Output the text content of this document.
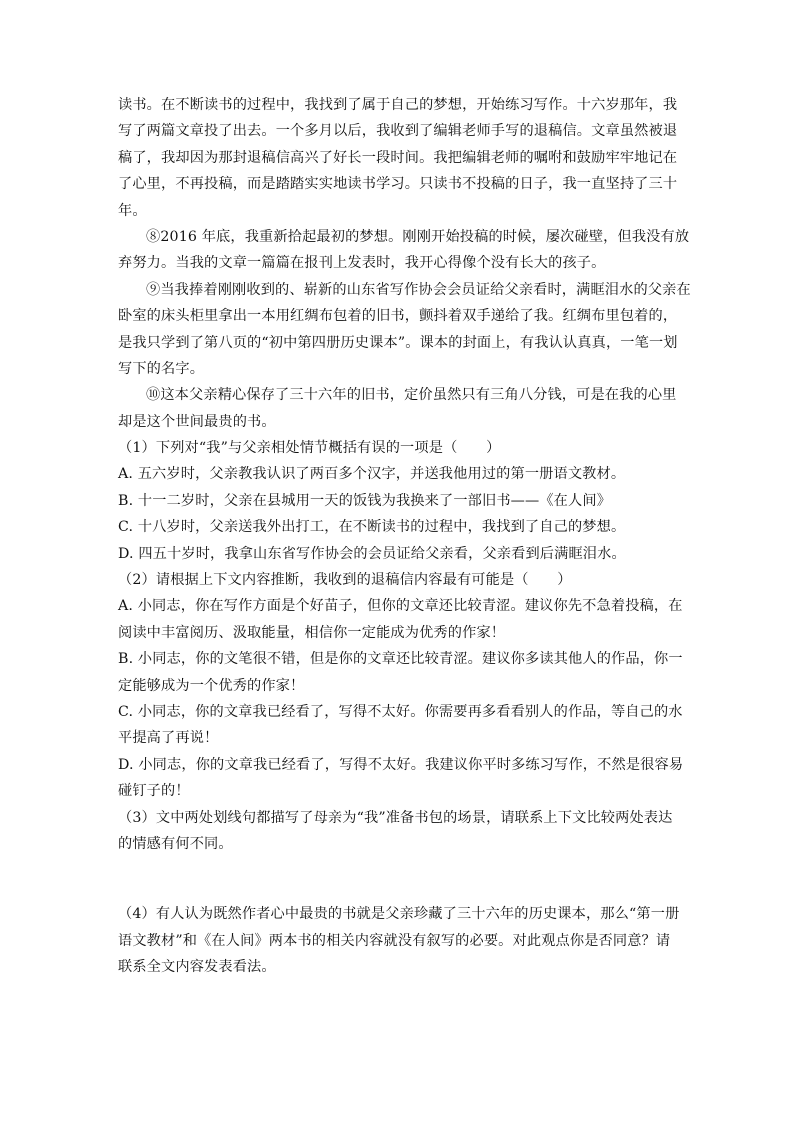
读书。在不断读书的过程中，我找到了属于自己的梦想，开始练习写作。十六岁那年，我
写了两篇文章投了出去。一个多月以后，我收到了编辑老师手写的退稿信。文章虽然被退
稿了，我却因为那封退稿信高兴了好长一段时间。我把编辑老师的嘱咐和鼓励牢牢地记在
了心里，不再投稿，而是踏踏实实地读书学习。只读书不投稿的日子，我一直坚持了三十
年。
⑧2016 年底，我重新拾起最初的梦想。刚刚开始投稿的时候，屡次碰壁，但我没有放
弃努力。当我的文章一篇篇在报刊上发表时，我开心得像个没有长大的孩子。
⑨当我捧着刚刚收到的、崭新的山东省写作协会会员证给父亲看时，满眶泪水的父亲在
卧室的床头柜里拿出一本用红绸布包着的旧书，颤抖着双手递给了我。红绸布里包着的，
是我只学到了第八页的“初中第四册历史课本”。课本的封面上，有我认认真真，一笔一划
写下的名字。
⑩这本父亲精心保存了三十六年的旧书，定价虽然只有三角八分钱，可是在我的心里
却是这个世间最贵的书。
（1）下列对“我”与父亲相处情节概括有误的一项是（　　）
A. 五六岁时，父亲教我认识了两百多个汉字，并送我他用过的第一册语文教材。
B. 十一二岁时，父亲在县城用一天的饭钱为我换来了一部旧书——《在人间》
C. 十八岁时，父亲送我外出打工，在不断读书的过程中，我找到了自己的梦想。
D. 四五十岁时，我拿山东省写作协会的会员证给父亲看，父亲看到后满眶泪水。
（2）请根据上下文内容推断，我收到的退稿信内容最有可能是（　　）
A. 小同志，你在写作方面是个好苗子，但你的文章还比较青涩。建议你先不急着投稿，在
阅读中丰富阅历、汲取能量，相信你一定能成为优秀的作家！
B. 小同志，你的文笔很不错，但是你的文章还比较青涩。建议你多读其他人的作品，你一
定能够成为一个优秀的作家！
C. 小同志，你的文章我已经看了，写得不太好。你需要再多看看别人的作品，等自己的水
平提高了再说！
D. 小同志，你的文章我已经看了，写得不太好。我建议你平时多练习写作，不然是很容易
碰钉子的！
（3）文中两处划线句都描写了母亲为“我”准备书包的场景，请联系上下文比较两处表达
的情感有何不同。
（4）有人认为既然作者心中最贵的书就是父亲珍藏了三十六年的历史课本，那么“第一册
语文教材”和《在人间》两本书的相关内容就没有叙写的必要。对此观点你是否同意？请
联系全文内容发表看法。
